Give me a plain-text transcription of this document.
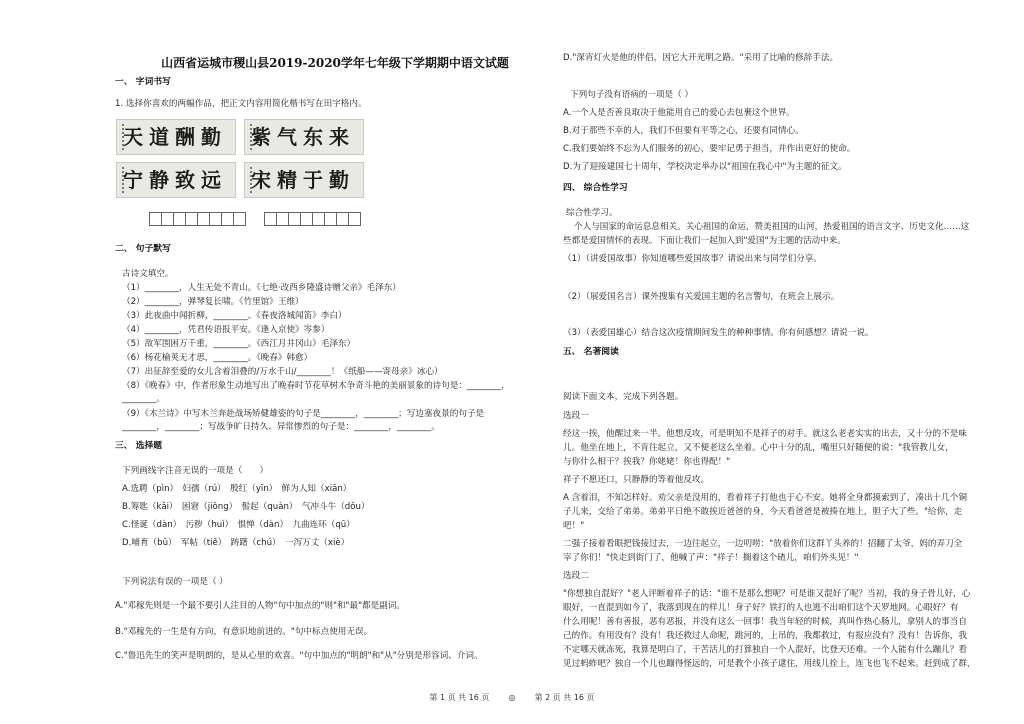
山西省运城市稷山县2019-2020学年七年级下学期期中语文试题
一、 字词书写
1. 选择你喜欢的两幅作品，把正文内容用简化楷书写在田字格内。
天道酬勤 紫气东来
宁静致远 宋精于勤
二、 句子默写
古诗文填空。
（1）________，人生无处不青山。《七绝·改西乡隆盛诗赠父亲》毛泽东）
（2）________，弹琴复长啸。《竹里馆》王维）
（3）此夜曲中闻折柳，________。《春夜洛城闻笛》李白）
（4）________，凭君传语报平安。《逢入京使》岑参）
（5）敌军围困万千重，________。《西江月井冈山》毛泽东）
（6）杨花榆荚无才思，________。《晚春》韩愈）
（7）出征辞至爱的女儿含着泪叠的/万水千山/________！《纸船——寄母亲》冰心）
（8）《晚春》中，作者形象生动地写出了晚春时节花草树木争奇斗艳的美丽景象的诗句是：________，________。
（9）《木兰诗》中写木兰奔赴战场矫健雄姿的句子是________，________；写边塞夜景的句子是________，________；写战争旷日持久、异常惨烈的句子是：________，________。
三、 选择题
下列画线字注音无误的一项是（　　）
A.选聘（pìn）　妇孺（rú）　殷红（yīn）　鲜为人知（xiān）
B.筹匙（kǎi）　困窘（jiǒng）　髻起（quàn）　气冲斗牛（dǒu）
C.怪诞（dàn）　污秽（huì）　惧惮（dàn）　九曲连环（qū）
D.哺育（bǔ）　军帖（tiě）　踌躇（chú）　一泻万丈（xiè）
下列说法有误的一项是（ ）
A."邓稼先则是一个最不要引人注目的人物"句中加点的"则"和"最"都是副词。
B."邓稼先的一生是有方向，有意识地前进的。"句中标点使用无误。
C."鲁迅先生的笑声是明朗的，是从心里的欢喜。"句中加点的"明朗"和"从"分别是形容词、介词。
D."深宵灯火是他的伴侣，因它大开光明之路。"采用了比喻的修辞手法。
下列句子没有语病的一项是（ ）
A.一个人是否善良取决于他能用自己的爱心去包裹这个世界。
B.对于那些不幸的人，我们不但要有平等之心，还要有同情心。
C.我们要始终不忘为人们服务的初心，要牢记勇于担当，并作出更好的使命。
D.为了迎接建国七十周年，学校决定举办以"祖国在我心中"为主题的征文。
四、 综合性学习
综合性学习。
个人与国家的命运息息相关。关心祖国的命运，赞美祖国的山河，热爱祖国的语言文字、历史文化……这
些都是爱国情怀的表现。下面让我们一起加入到"爱国"为主题的活动中来。
（1）（讲爱国故事）你知道哪些爱国故事？请说出来与同学们分享。
（2）（展爱国名言）课外搜集有关爱国主题的名言警句，在班会上展示。
（3）（表爱国雄心）结合这次疫情期间发生的种种事情。你有何感想？请说一说。
五、 名著阅读
阅读下面文本，完成下列各题。
选段一
经这一挨，他醒过来一半。他想反攻，可是明知不是祥子的对手。就这么老老实实的出去，又十分的不是味
儿。他坐在地上，不肯往起立，又不便老这么坐着。心中十分的乱，嘴里只好随便的说："我管教儿女，
与你什么相干？挨我？你姥姥！你也得配！"
祥子不愿还口，只静静的等着他反攻。
A 含着泪，不知怎样好。劝父亲是没用的，看着祥子打他也于心不安。她将全身都摸索到了，凑出十几个铜
子儿来，交给了弟弟。弟弟平日绝不敢挨近爸爸的身，今天看爸爸是被揍在地上，胆子大了些。"给你，走
吧！"
二强子接着看眼把钱接过去，一边往起立，一边叨唠："放着你们这群丫头养的！招翻了太爷，妈的弄刀全
宰了你们！"快走到街门了，他喊了声："祥子！搁着这个碴儿，咱们外头见！"
选段二
"你想独自混好？"老人评断着祥子的话："谁不是那么想呢？可是谁又混好了呢？当初，我的身子骨儿好，心
眼好，一直混到如今了，我落到现在的样儿！身子好？铁打的人也逃不出咱们这个天罗地网。心眼好？有
什么用呢！善有善报，恶有恶报，并没有这么一回事！我当年轻的时候，真叫作热心肠儿，拿别人的事当自
己的作。有用没有？没有！我还救过人命呢，跳河的，上吊的，我都救过，有报应没有？没有！告诉你，我
不定哪天就冻死，我算是明白了，干苦活儿的打算独自一个人混好，比登天还难。一个人能有什么蹦儿？看
见过蚂蚱吧？独自一个儿也蹦得怪远的，可是教个小孩子逮住，用线儿拴上，连飞也飞不起来。赶到成了群，
第 1 页 共 16 页 ◎ 第 2 页 共 16 页
